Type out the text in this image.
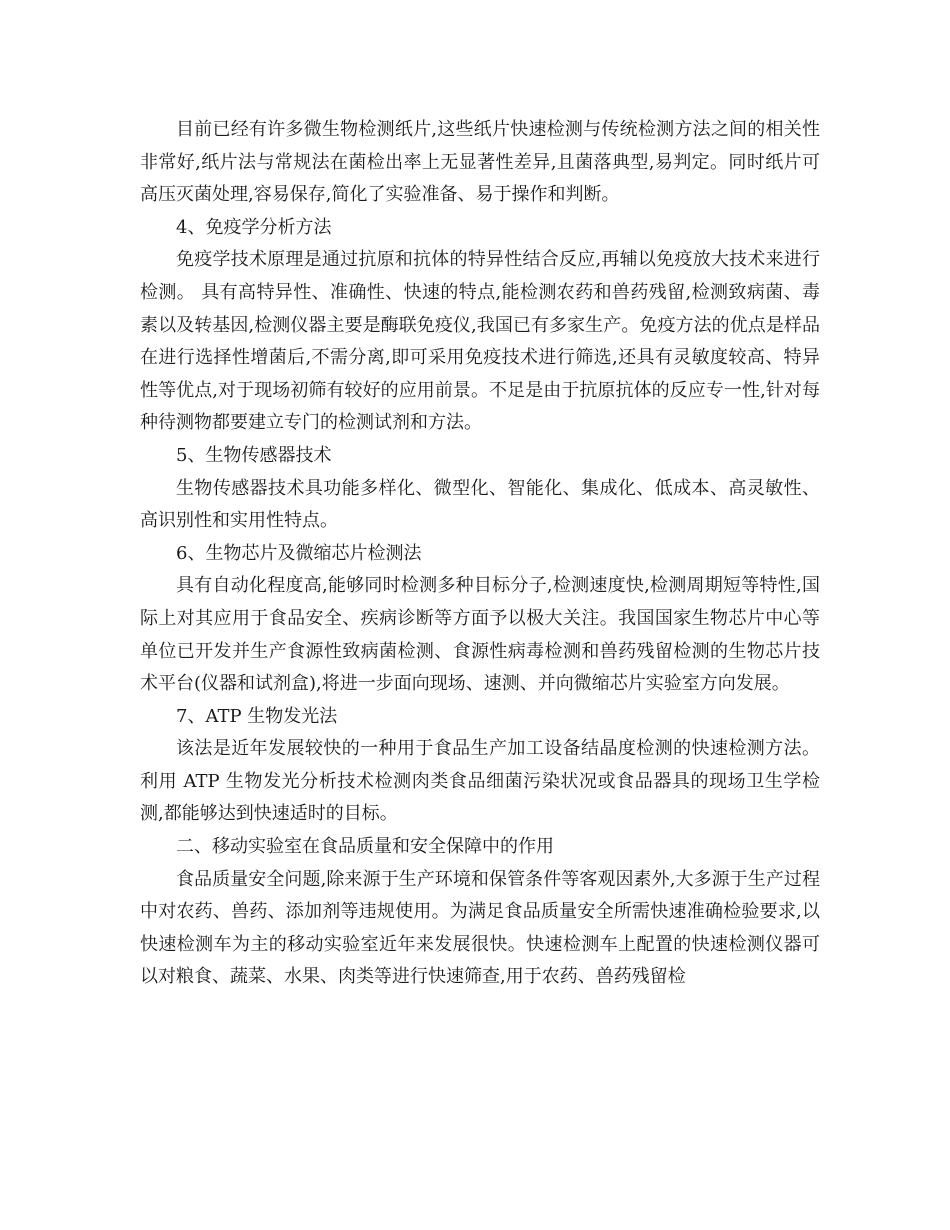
目前已经有许多微生物检测纸片,这些纸片快速检测与传统检测方法之间的相关性非常好,纸片法与常规法在菌检出率上无显著性差异,且菌落典型,易判定。同时纸片可高压灭菌处理,容易保存,简化了实验准备、易于操作和判断。

4、免疫学分析方法

免疫学技术原理是通过抗原和抗体的特异性结合反应,再辅以免疫放大技术来进行检测。 具有高特异性、准确性、快速的特点,能检测农药和兽药残留,检测致病菌、毒素以及转基因,检测仪器主要是酶联免疫仪,我国已有多家生产。免疫方法的优点是样品在进行选择性增菌后,不需分离,即可采用免疫技术进行筛选,还具有灵敏度较高、特异性等优点,对于现场初筛有较好的应用前景。不足是由于抗原抗体的反应专一性,针对每种待测物都要建立专门的检测试剂和方法。

5、生物传感器技术

生物传感器技术具功能多样化、微型化、智能化、集成化、低成本、高灵敏性、高识别性和实用性特点。

6、生物芯片及微缩芯片检测法

具有自动化程度高,能够同时检测多种目标分子,检测速度快,检测周期短等特性,国际上对其应用于食品安全、疾病诊断等方面予以极大关注。我国国家生物芯片中心等单位已开发并生产食源性致病菌检测、食源性病毒检测和兽药残留检测的生物芯片技术平台(仪器和试剂盒),将进一步面向现场、速测、并向微缩芯片实验室方向发展。

7、ATP 生物发光法

该法是近年发展较快的一种用于食品生产加工设备结晶度检测的快速检测方法。利用 ATP 生物发光分析技术检测肉类食品细菌污染状况或食品器具的现场卫生学检测,都能够达到快速适时的目标。

二、移动实验室在食品质量和安全保障中的作用

食品质量安全问题,除来源于生产环境和保管条件等客观因素外,大多源于生产过程中对农药、兽药、添加剂等违规使用。为满足食品质量安全所需快速准确检验要求,以快速检测车为主的移动实验室近年来发展很快。快速检测车上配置的快速检测仪器可以对粮食、蔬菜、水果、肉类等进行快速筛查,用于农药、兽药残留检
